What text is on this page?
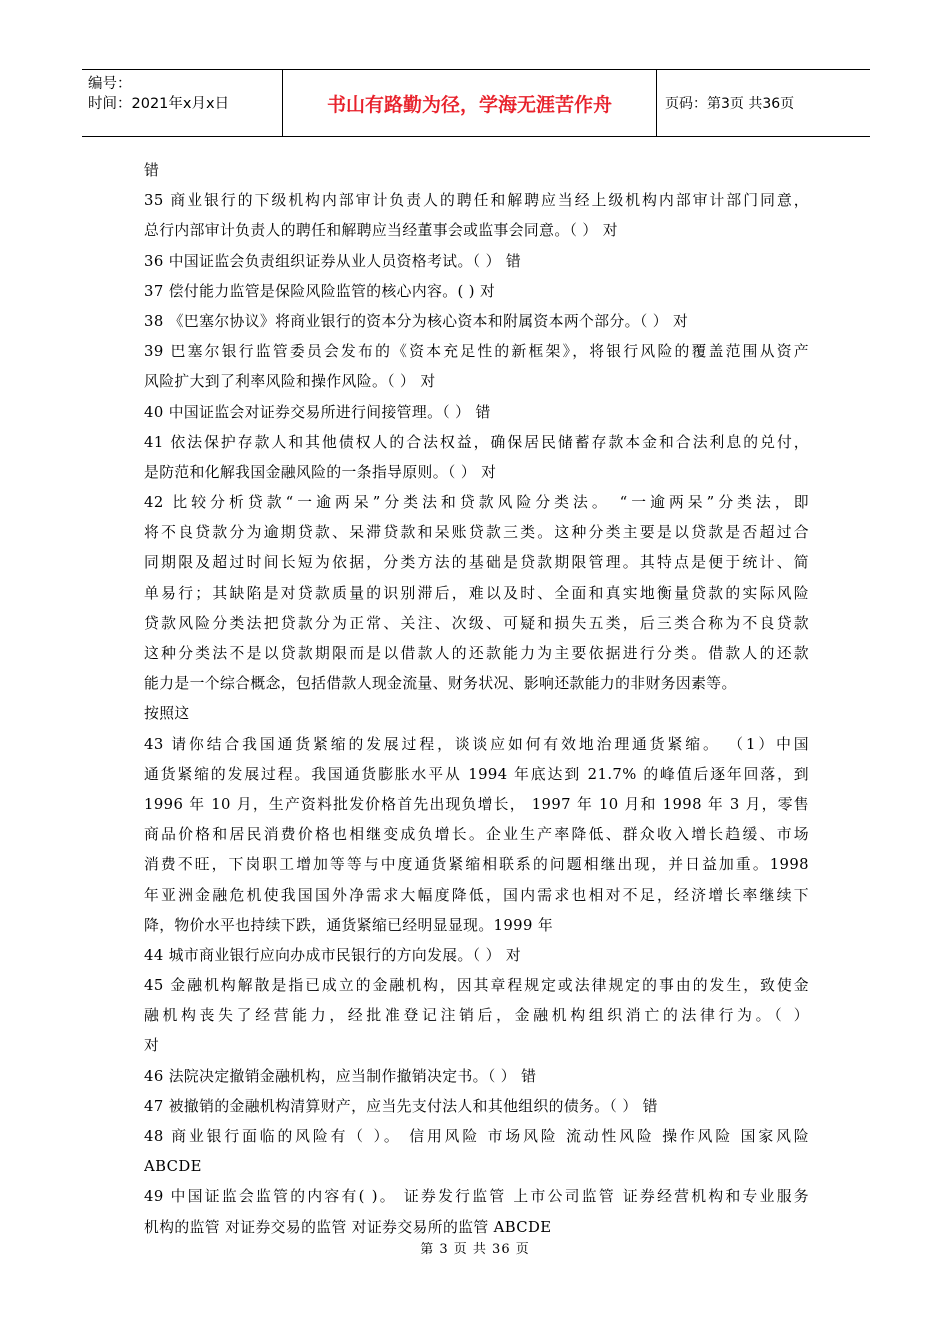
编号：
时间：2021年x月x日	书山有路勤为径，学海无涯苦作舟	页码：第3页 共36页
错
35 商业银行的下级机构内部审计负责人的聘任和解聘应当经上级机构内部审计部门同意，
总行内部审计负责人的聘任和解聘应当经董事会或监事会同意。（ ） 对
36 中国证监会负责组织证券从业人员资格考试。（ ） 错
37 偿付能力监管是保险风险监管的核心内容。( ) 对
38 《巴塞尔协议》将商业银行的资本分为核心资本和附属资本两个部分。（ ） 对
39 巴塞尔银行监管委员会发布的《资本充足性的新框架》，将银行风险的覆盖范围从资产
风险扩大到了利率风险和操作风险。（ ） 对
40 中国证监会对证券交易所进行间接管理。（ ） 错
41 依法保护存款人和其他债权人的合法权益，确保居民储蓄存款本金和合法利息的兑付，
是防范和化解我国金融风险的一条指导原则。（ ） 对
42 比较分析贷款“一逾两呆”分类法和贷款风险分类法。 “一逾两呆”分类法，即
将不良贷款分为逾期贷款、呆滞贷款和呆账贷款三类。这种分类主要是以贷款是否超过合
同期限及超过时间长短为依据，分类方法的基础是贷款期限管理。其特点是便于统计、简
单易行；其缺陷是对贷款质量的识别滞后，难以及时、全面和真实地衡量贷款的实际风险
贷款风险分类法把贷款分为正常、关注、次级、可疑和损失五类，后三类合称为不良贷款
这种分类法不是以贷款期限而是以借款人的还款能力为主要依据进行分类。借款人的还款
能力是一个综合概念，包括借款人现金流量、财务状况、影响还款能力的非财务因素等。
按照这
43 请你结合我国通货紧缩的发展过程，谈谈应如何有效地治理通货紧缩。 （1）中国
通货紧缩的发展过程。我国通货膨胀水平从 1994 年底达到 21.7% 的峰值后逐年回落，到
1996 年 10 月，生产资料批发价格首先出现负增长， 1997 年 10 月和 1998 年 3 月，零售
商品价格和居民消费价格也相继变成负增长。企业生产率降低、群众收入增长趋缓、市场
消费不旺，下岗职工增加等等与中度通货紧缩相联系的问题相继出现，并日益加重。1998
年亚洲金融危机使我国国外净需求大幅度降低，国内需求也相对不足，经济增长率继续下
降，物价水平也持续下跌，通货紧缩已经明显显现。1999 年
44 城市商业银行应向办成市民银行的方向发展。（ ） 对
45 金融机构解散是指已成立的金融机构，因其章程规定或法律规定的事由的发生，致使金
融机构丧失了经营能力，经批准登记注销后，金融机构组织消亡的法律行为。（ ）
对
46 法院决定撤销金融机构，应当制作撤销决定书。（ ） 错
47 被撤销的金融机构清算财产，应当先支付法人和其他组织的债务。（ ） 错
48 商业银行面临的风险有（ ）。 信用风险 市场风险 流动性风险 操作风险 国家风险
ABCDE
49 中国证监会监管的内容有( )。 证券发行监管 上市公司监管 证券经营机构和专业服务
机构的监管 对证券交易的监管 对证券交易所的监管 ABCDE
第 3 页 共 36 页
